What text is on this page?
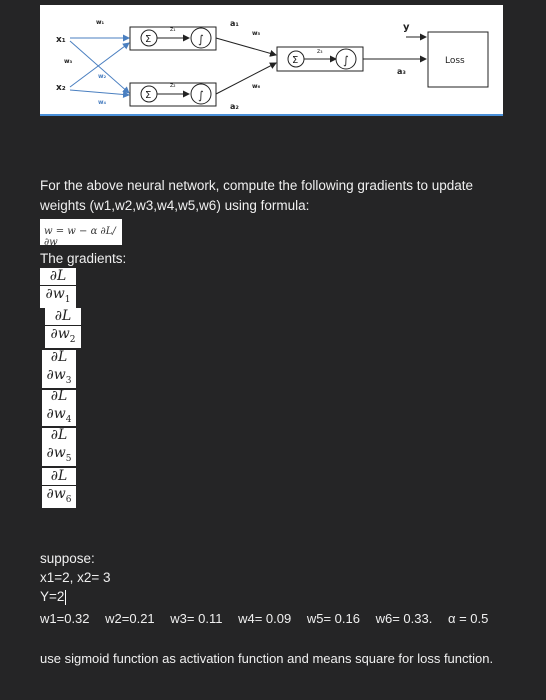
x₁
x₂
w₁
w₃
w₂
w₄
Σ
z₁
∫
Σ
z₂
∫
a₁
a₂
w₅
w₆
Σ
z₃
∫
a₃
y
Loss
For the above neural network, compute the following gradients to update
weights (w1,w2,w3,w4,w5,w6) using formula:
w = w − α ∂L/∂w
The gradients:
∂L
$\partial w_1$
∂L
$\partial w_2$
∂L
$\partial w_3$
∂L
$\partial w_4$
∂L
$\partial w_5$
∂L
$\partial w_6$
suppose:
x1=2, x2= 3
Y=2
w1=0.32 w2=0.21 w3= 0.11 w4= 0.09 w5= 0.16 w6= 0.33. α = 0.5
use sigmoid function as activation function and means square for loss function.
